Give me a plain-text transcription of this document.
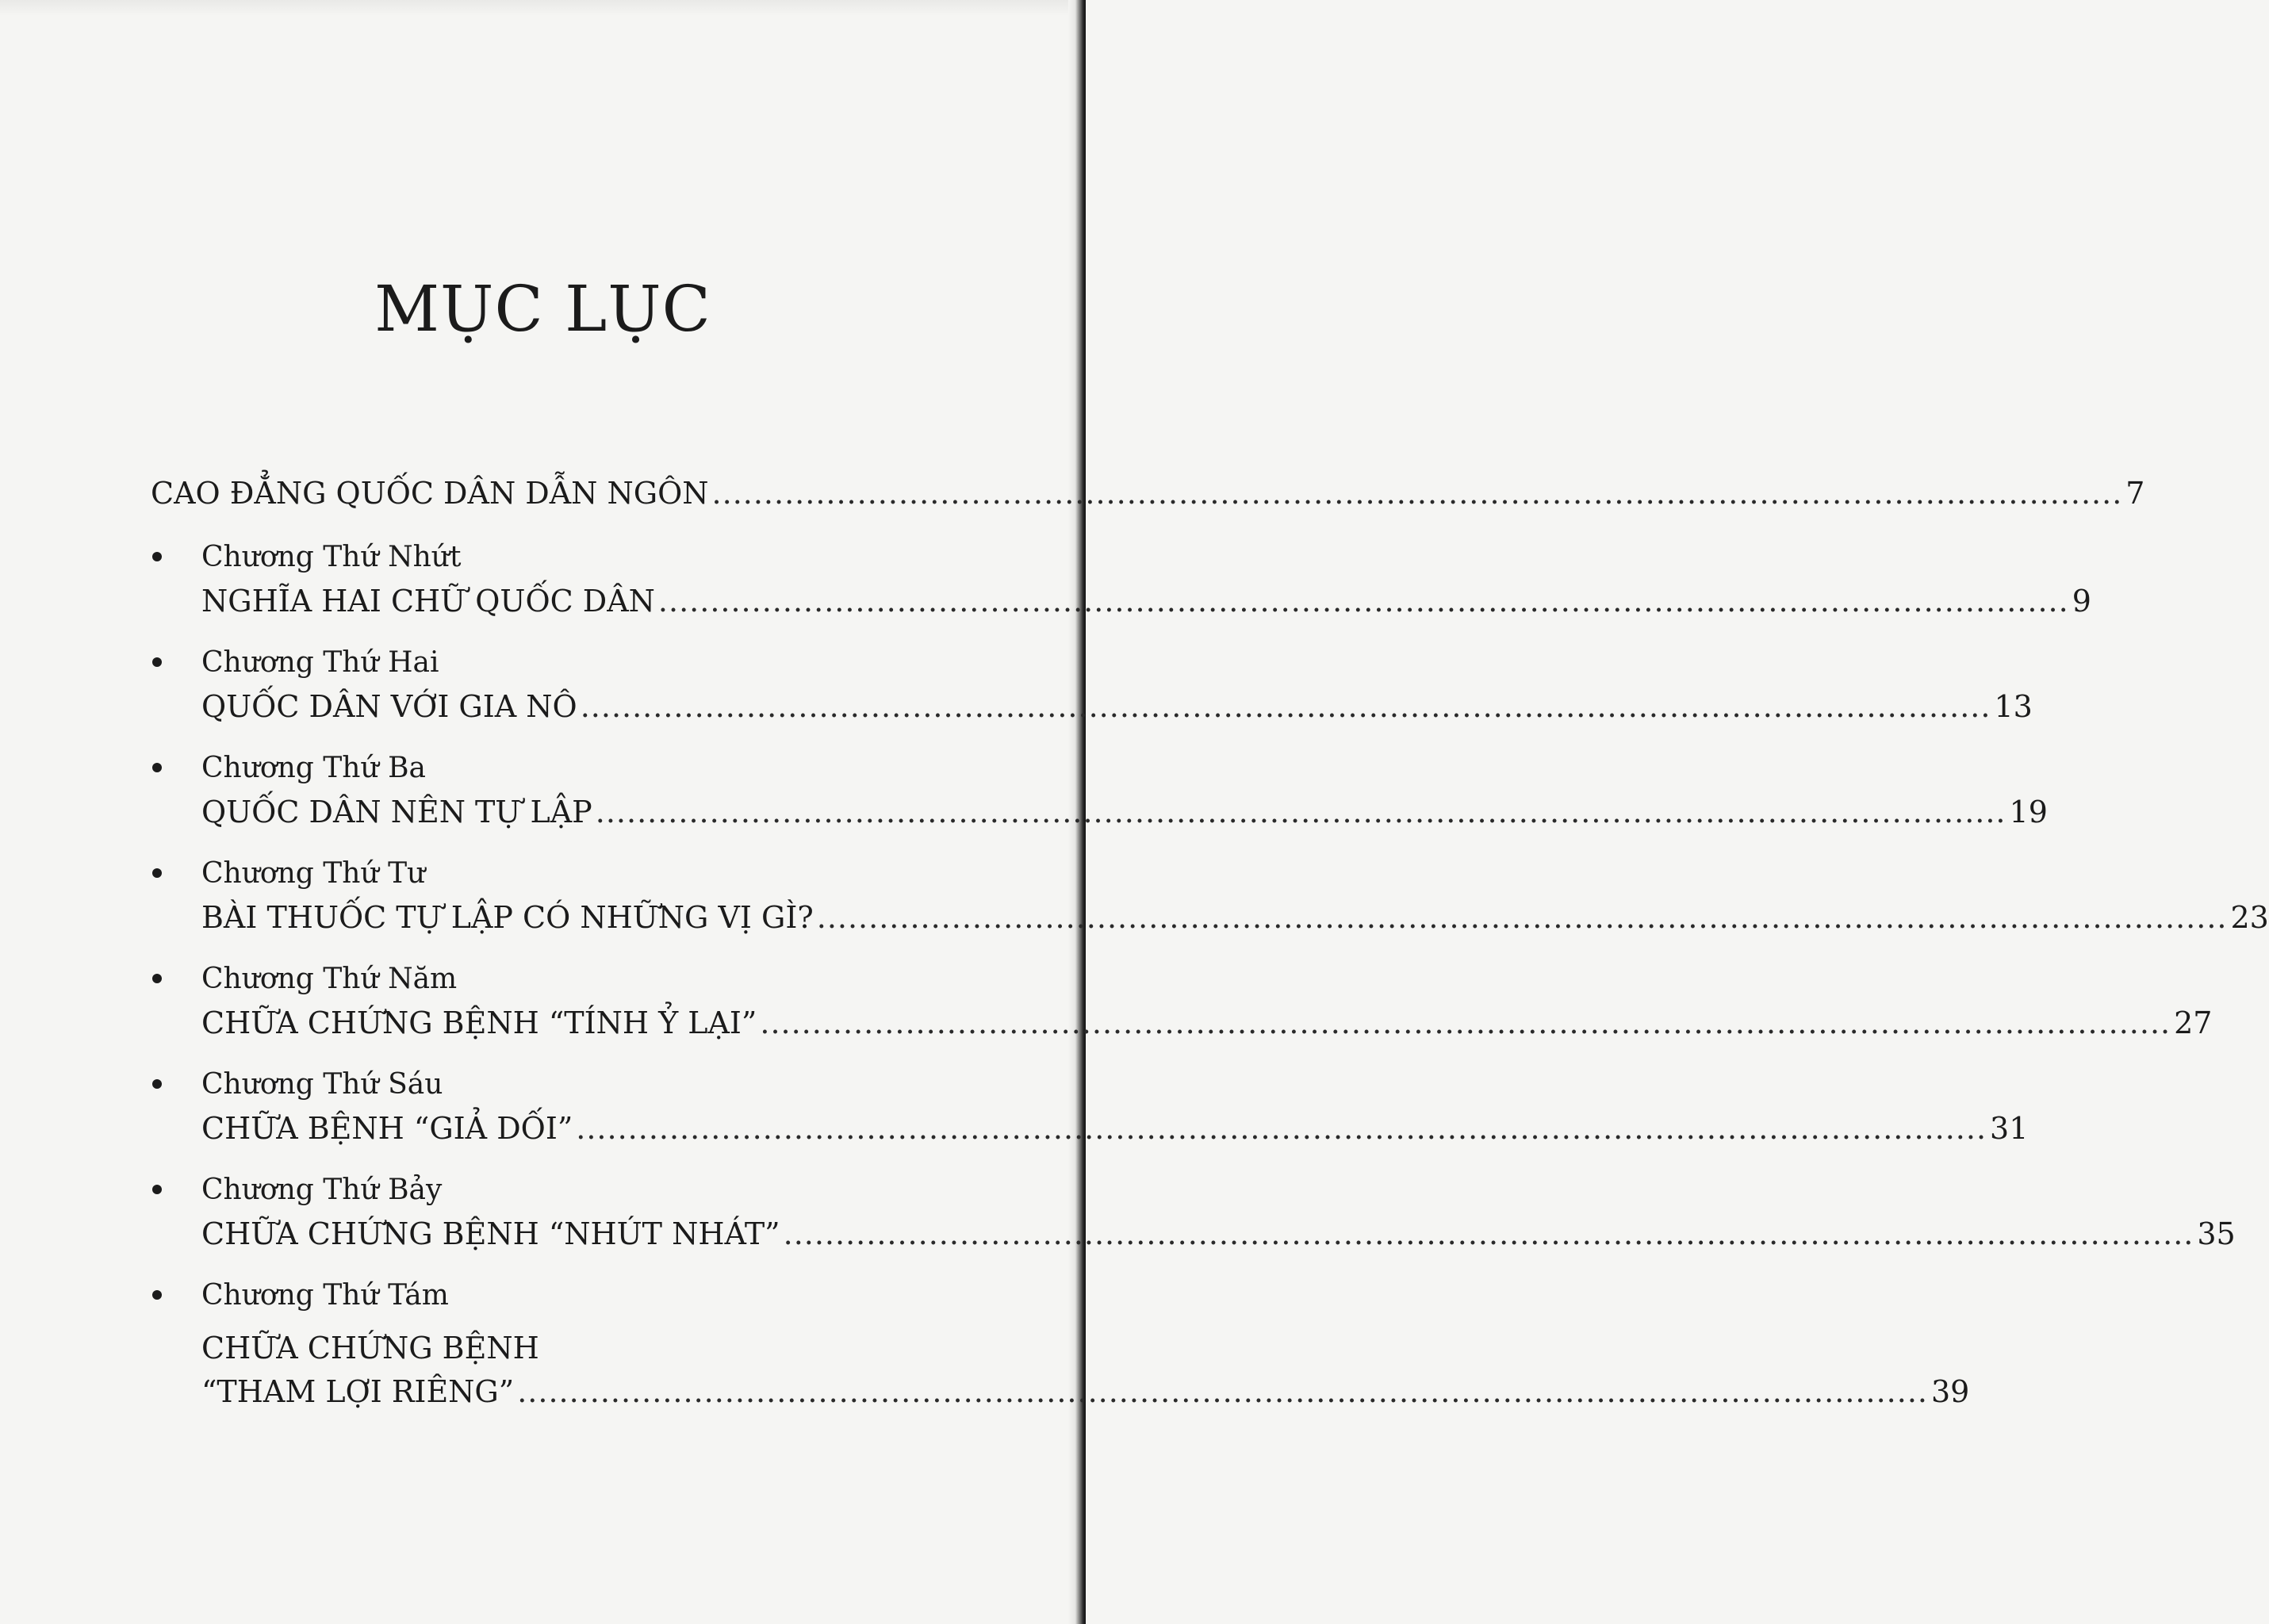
MỤC LỤC
CAO ĐẲNG QUỐC DÂN DẪN NGÔN ........................................................................................................................................ 7
Chương Thứ Nhứt
NGHĨA HAI CHỮ QUỐC DÂN ........................................................................................................................................ 9
Chương Thứ Hai
QUỐC DÂN VỚI GIA NÔ ........................................................................................................................................ 13
Chương Thứ Ba
QUỐC DÂN NÊN TỰ LẬP ........................................................................................................................................ 19
Chương Thứ Tư
BÀI THUỐC TỰ LẬP CÓ NHỮNG VỊ GÌ? ........................................................................................................................................ 23
Chương Thứ Năm
CHỮA CHỨNG BỆNH “TÍNH Ỷ LẠI” ........................................................................................................................................ 27
Chương Thứ Sáu
CHỮA BỆNH “GIẢ DỐI” ........................................................................................................................................ 31
Chương Thứ Bảy
CHỮA CHỨNG BỆNH “NHÚT NHÁT” ........................................................................................................................................ 35
Chương Thứ Tám
CHỮA CHỨNG BỆNH
“THAM LỢI RIÊNG” ........................................................................................................................................ 39
